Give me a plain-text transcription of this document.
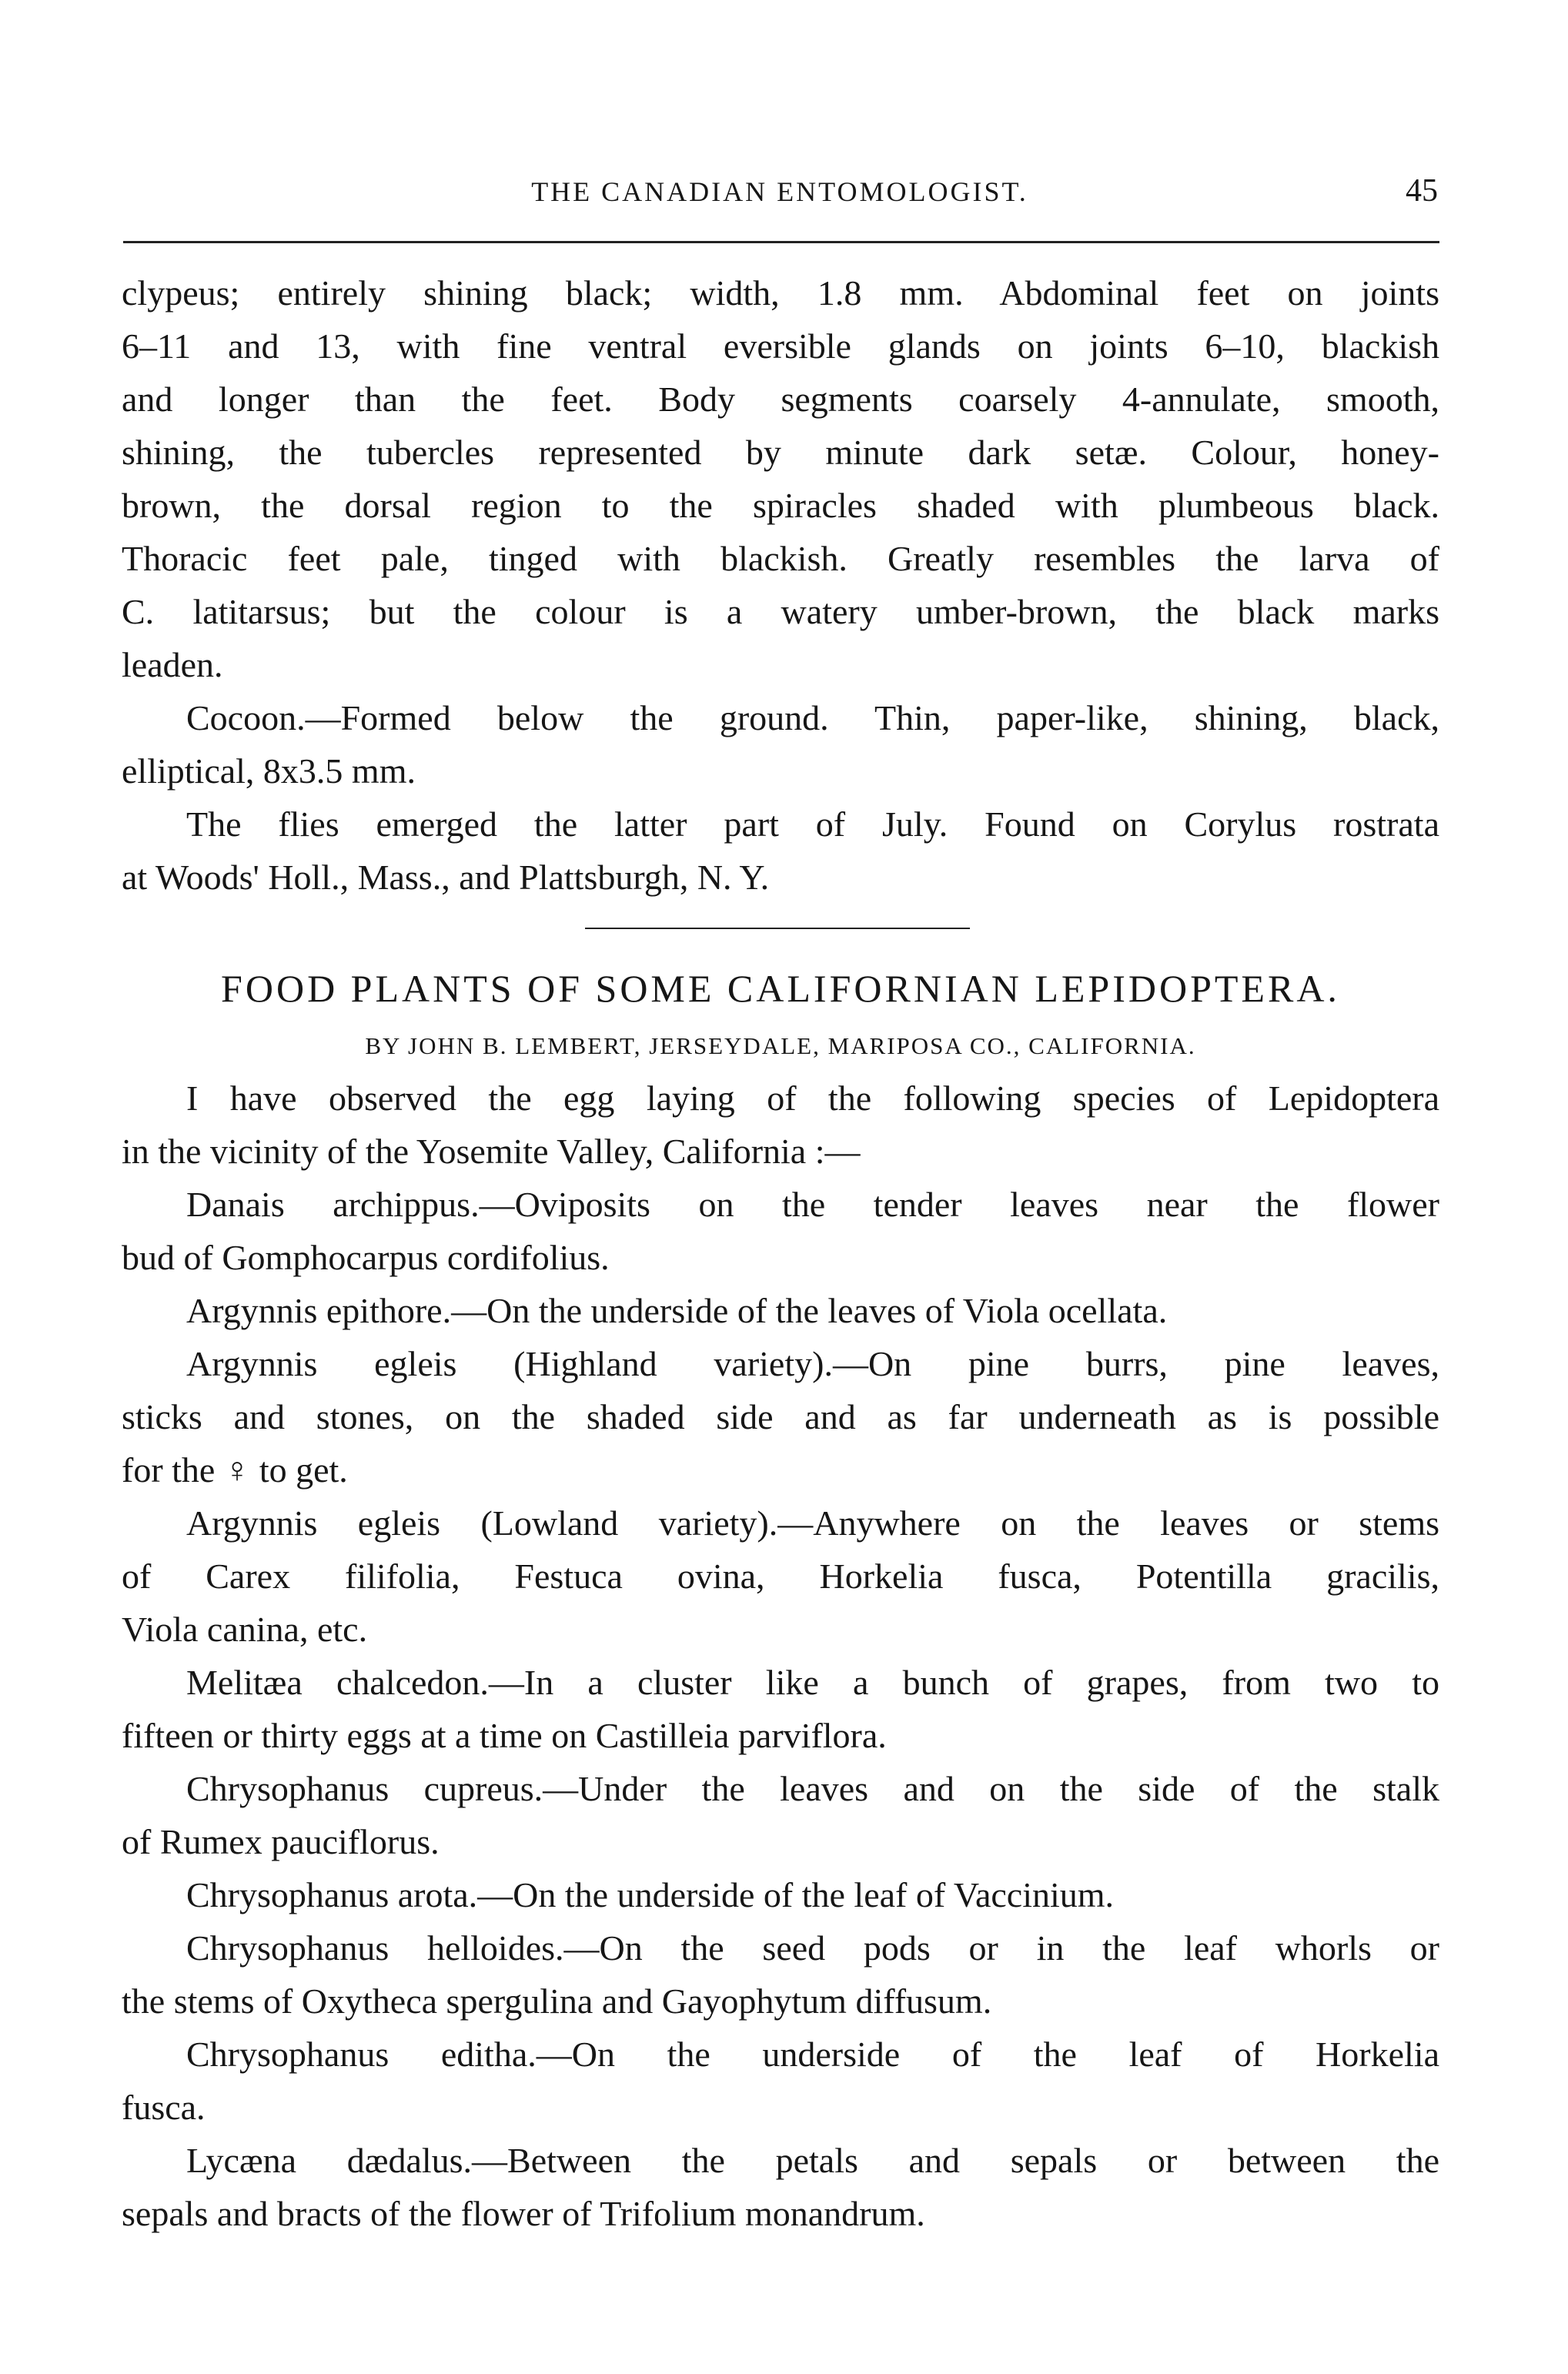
THE CANADIAN ENTOMOLOGIST.	45
clypeus; entirely shining black; width, 1.8 mm. Abdominal feet on joints
6–11 and 13, with fine ventral eversible glands on joints 6–10, blackish
and longer than the feet. Body segments coarsely 4-annulate, smooth,
shining, the tubercles represented by minute dark setæ. Colour, honey-
brown, the dorsal region to the spiracles shaded with plumbeous black.
Thoracic feet pale, tinged with blackish. Greatly resembles the larva of
C. latitarsus; but the colour is a watery umber-brown, the black marks
leaden.
Cocoon.—Formed below the ground. Thin, paper-like, shining, black,
elliptical, 8x3.5 mm.
The flies emerged the latter part of July. Found on Corylus rostrata
at Woods' Holl., Mass., and Plattsburgh, N. Y.
FOOD PLANTS OF SOME CALIFORNIAN LEPIDOPTERA.
BY JOHN B. LEMBERT, JERSEYDALE, MARIPOSA CO., CALIFORNIA.
I have observed the egg laying of the following species of Lepidoptera
in the vicinity of the Yosemite Valley, California :—
Danais archippus.—Oviposits on the tender leaves near the flower
bud of Gomphocarpus cordifolius.
Argynnis epithore.—On the underside of the leaves of Viola ocellata.
Argynnis egleis (Highland variety).—On pine burrs, pine leaves,
sticks and stones, on the shaded side and as far underneath as is possible
for the ♀ to get.
Argynnis egleis (Lowland variety).—Anywhere on the leaves or stems
of Carex filifolia, Festuca ovina, Horkelia fusca, Potentilla gracilis,
Viola canina, etc.
Melitæa chalcedon.—In a cluster like a bunch of grapes, from two to
fifteen or thirty eggs at a time on Castilleia parviflora.
Chrysophanus cupreus.—Under the leaves and on the side of the stalk
of Rumex pauciflorus.
Chrysophanus arota.—On the underside of the leaf of Vaccinium.
Chrysophanus helloides.—On the seed pods or in the leaf whorls or
the stems of Oxytheca spergulina and Gayophytum diffusum.
Chrysophanus editha.—On the underside of the leaf of Horkelia
fusca.
Lycæna dædalus.—Between the petals and sepals or between the
sepals and bracts of the flower of Trifolium monandrum.
